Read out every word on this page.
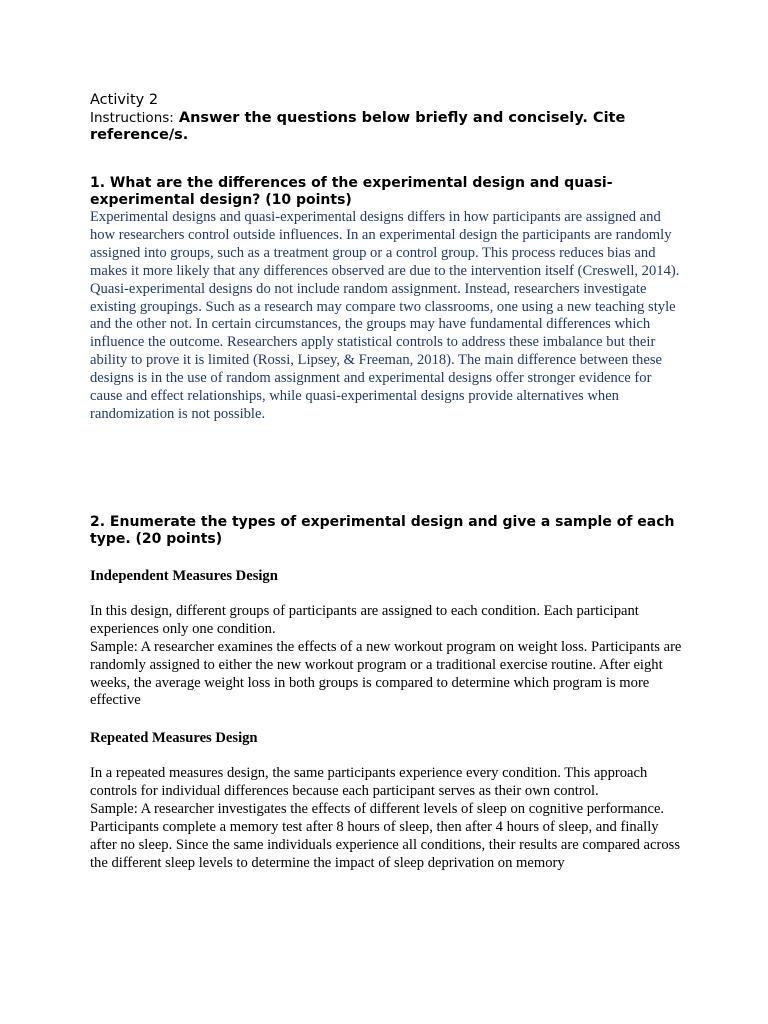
Activity 2

Instructions: Answer the questions below briefly and concisely. Cite reference/s.

1. What are the differences of the experimental design and quasi-experimental design? (10 points)

Experimental designs and quasi-experimental designs differs in how participants are assigned and how researchers control outside influences. In an experimental design the participants are randomly assigned into groups, such as a treatment group or a control group. This process reduces bias and makes it more likely that any differences observed are due to the intervention itself (Creswell, 2014). Quasi-experimental designs do not include random assignment. Instead, researchers investigate existing groupings. Such as a research may compare two classrooms, one using a new teaching style and the other not. In certain circumstances, the groups may have fundamental differences which influence the outcome. Researchers apply statistical controls to address these imbalance but their ability to prove it is limited (Rossi, Lipsey, & Freeman, 2018). The main difference between these designs is in the use of random assignment and experimental designs offer stronger evidence for cause and effect relationships, while quasi-experimental designs provide alternatives when randomization is not possible.

2. Enumerate the types of experimental design and give a sample of each type. (20 points)
Independent Measures Design

In this design, different groups of participants are assigned to each condition. Each participant experiences only one condition.
Sample: A researcher examines the effects of a new workout program on weight loss. Participants are randomly assigned to either the new workout program or a traditional exercise routine. After eight weeks, the average weight loss in both groups is compared to determine which program is more effective

Repeated Measures Design

In a repeated measures design, the same participants experience every condition. This approach controls for individual differences because each participant serves as their own control.
Sample: A researcher investigates the effects of different levels of sleep on cognitive performance. Participants complete a memory test after 8 hours of sleep, then after 4 hours of sleep, and finally after no sleep. Since the same individuals experience all conditions, their results are compared across the different sleep levels to determine the impact of sleep deprivation on memory
